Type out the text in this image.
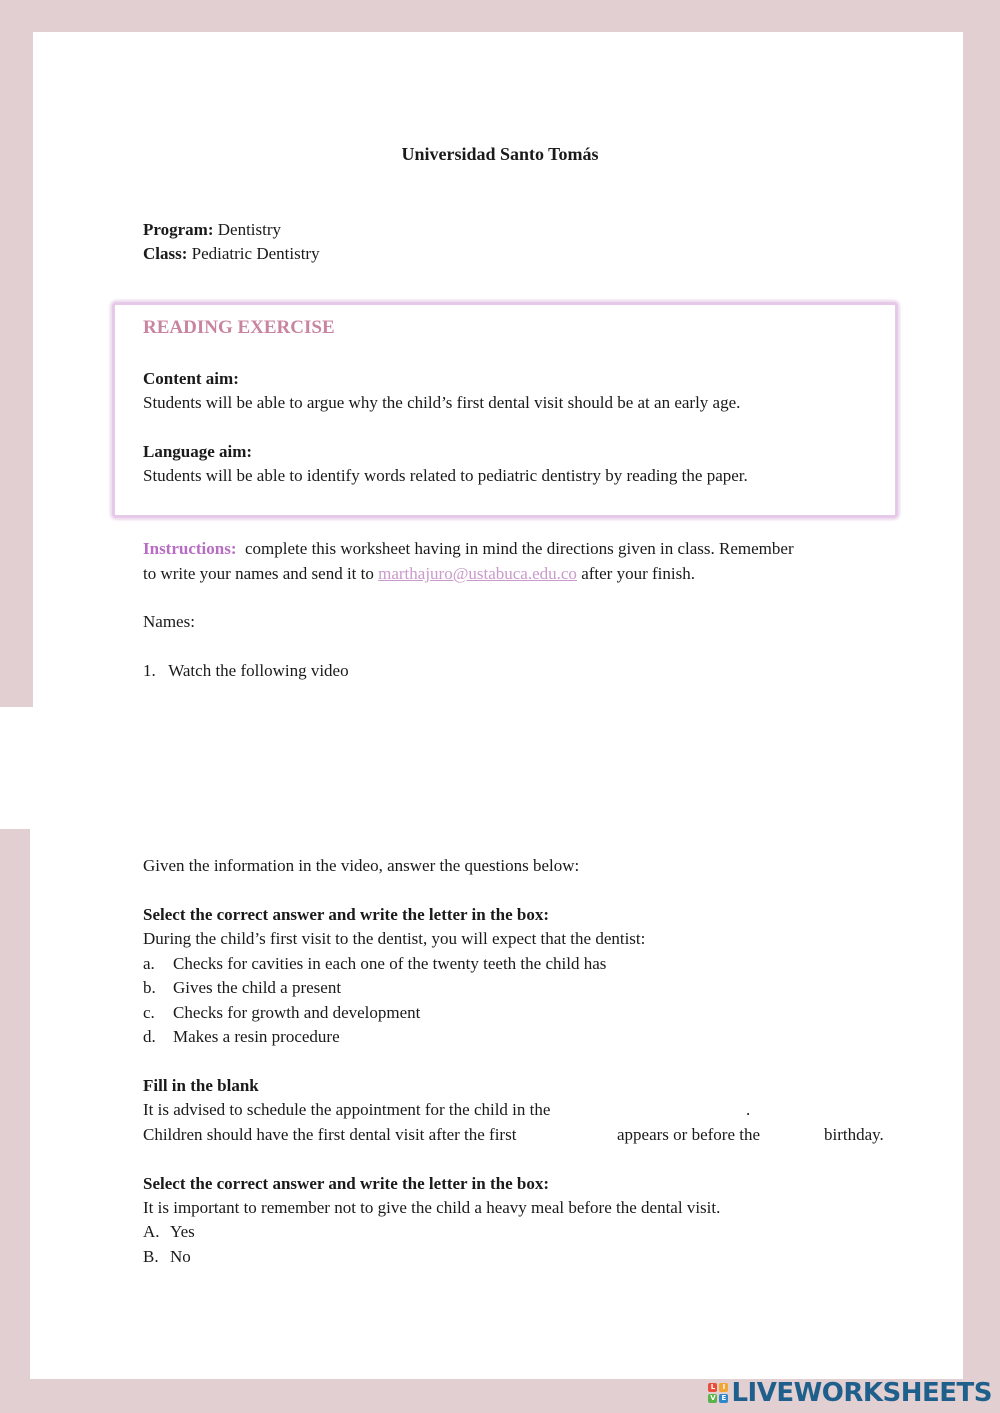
Universidad Santo Tomás
Program: Dentistry
Class: Pediatric Dentistry
READING EXERCISE
Content aim:
Students will be able to argue why the child’s first dental visit should be at an early age.
Language aim:
Students will be able to identify words related to pediatric dentistry by reading the paper.
Instructions: complete this worksheet having in mind the directions given in class. Remember
to write your names and send it to marthajuro@ustabuca.edu.co after your finish.
Names:
1. Watch the following video
Given the information in the video, answer the questions below:
Select the correct answer and write the letter in the box:
During the child’s first visit to the dentist, you will expect that the dentist:
a. Checks for cavities in each one of the twenty teeth the child has
b. Gives the child a present
c. Checks for growth and development
d. Makes a resin procedure
Fill in the blank
It is advised to schedule the appointment for the child in the	.
Children should have the first dental visit after the first	appears or before the	birthday.
Select the correct answer and write the letter in the box:
It is important to remember not to give the child a heavy meal before the dental visit.
A. Yes
B. No
L	I
V E LIVEWORKSHEETS
